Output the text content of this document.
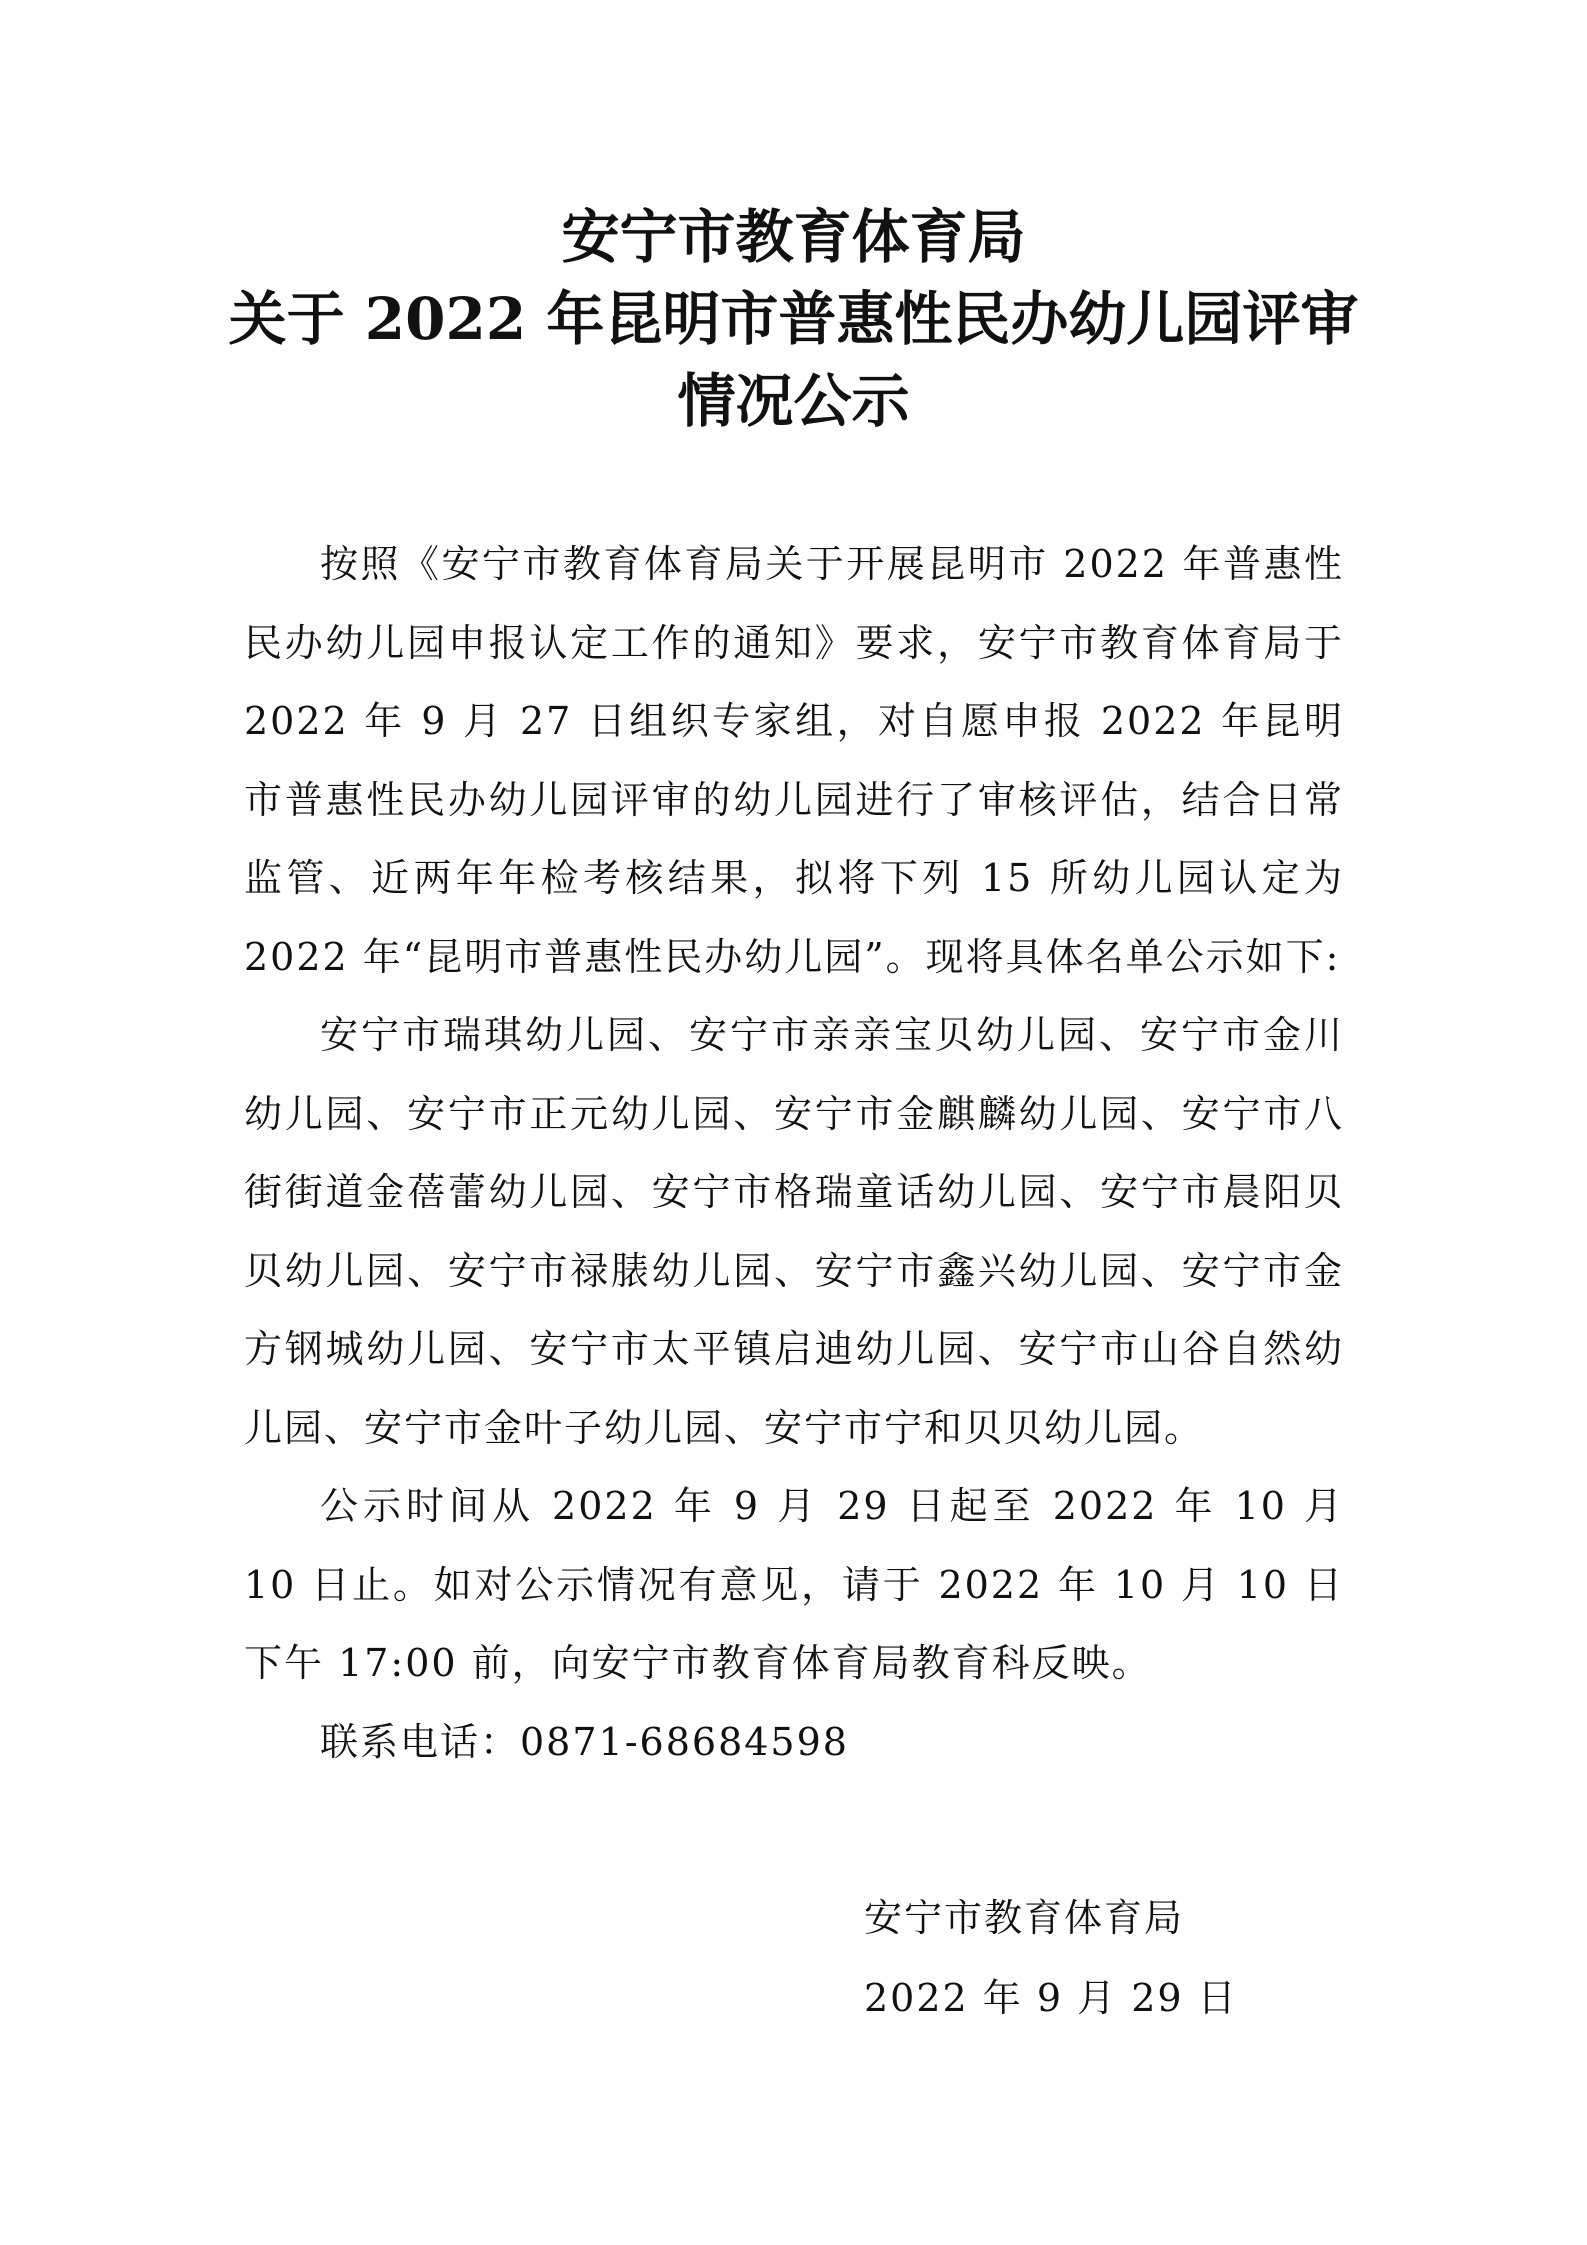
安宁市教育体育局
关于 2022 年昆明市普惠性民办幼儿园评审
情况公示

按照《安宁市教育体育局关于开展昆明市 2022 年普惠性民办幼儿园申报认定工作的通知》要求，安宁市教育体育局于 2022 年 9 月 27 日组织专家组，对自愿申报 2022 年昆明市普惠性民办幼儿园评审的幼儿园进行了审核评估，结合日常监管、近两年年检考核结果，拟将下列 15 所幼儿园认定为 2022 年“昆明市普惠性民办幼儿园”。现将具体名单公示如下:

安宁市瑞琪幼儿园、安宁市亲亲宝贝幼儿园、安宁市金川幼儿园、安宁市正元幼儿园、安宁市金麒麟幼儿园、安宁市八街街道金蓓蕾幼儿园、安宁市格瑞童话幼儿园、安宁市晨阳贝贝幼儿园、安宁市禄脿幼儿园、安宁市鑫兴幼儿园、安宁市金方钢城幼儿园、安宁市太平镇启迪幼儿园、安宁市山谷自然幼儿园、安宁市金叶子幼儿园、安宁市宁和贝贝幼儿园。

公示时间从 2022 年 9 月 29 日起至 2022 年 10 月 10 日止。如对公示情况有意见，请于 2022 年 10 月 10 日下午 17:00 前，向安宁市教育体育局教育科反映。

联系电话：0871-68684598

安宁市教育体育局
2022 年 9 月 29 日
